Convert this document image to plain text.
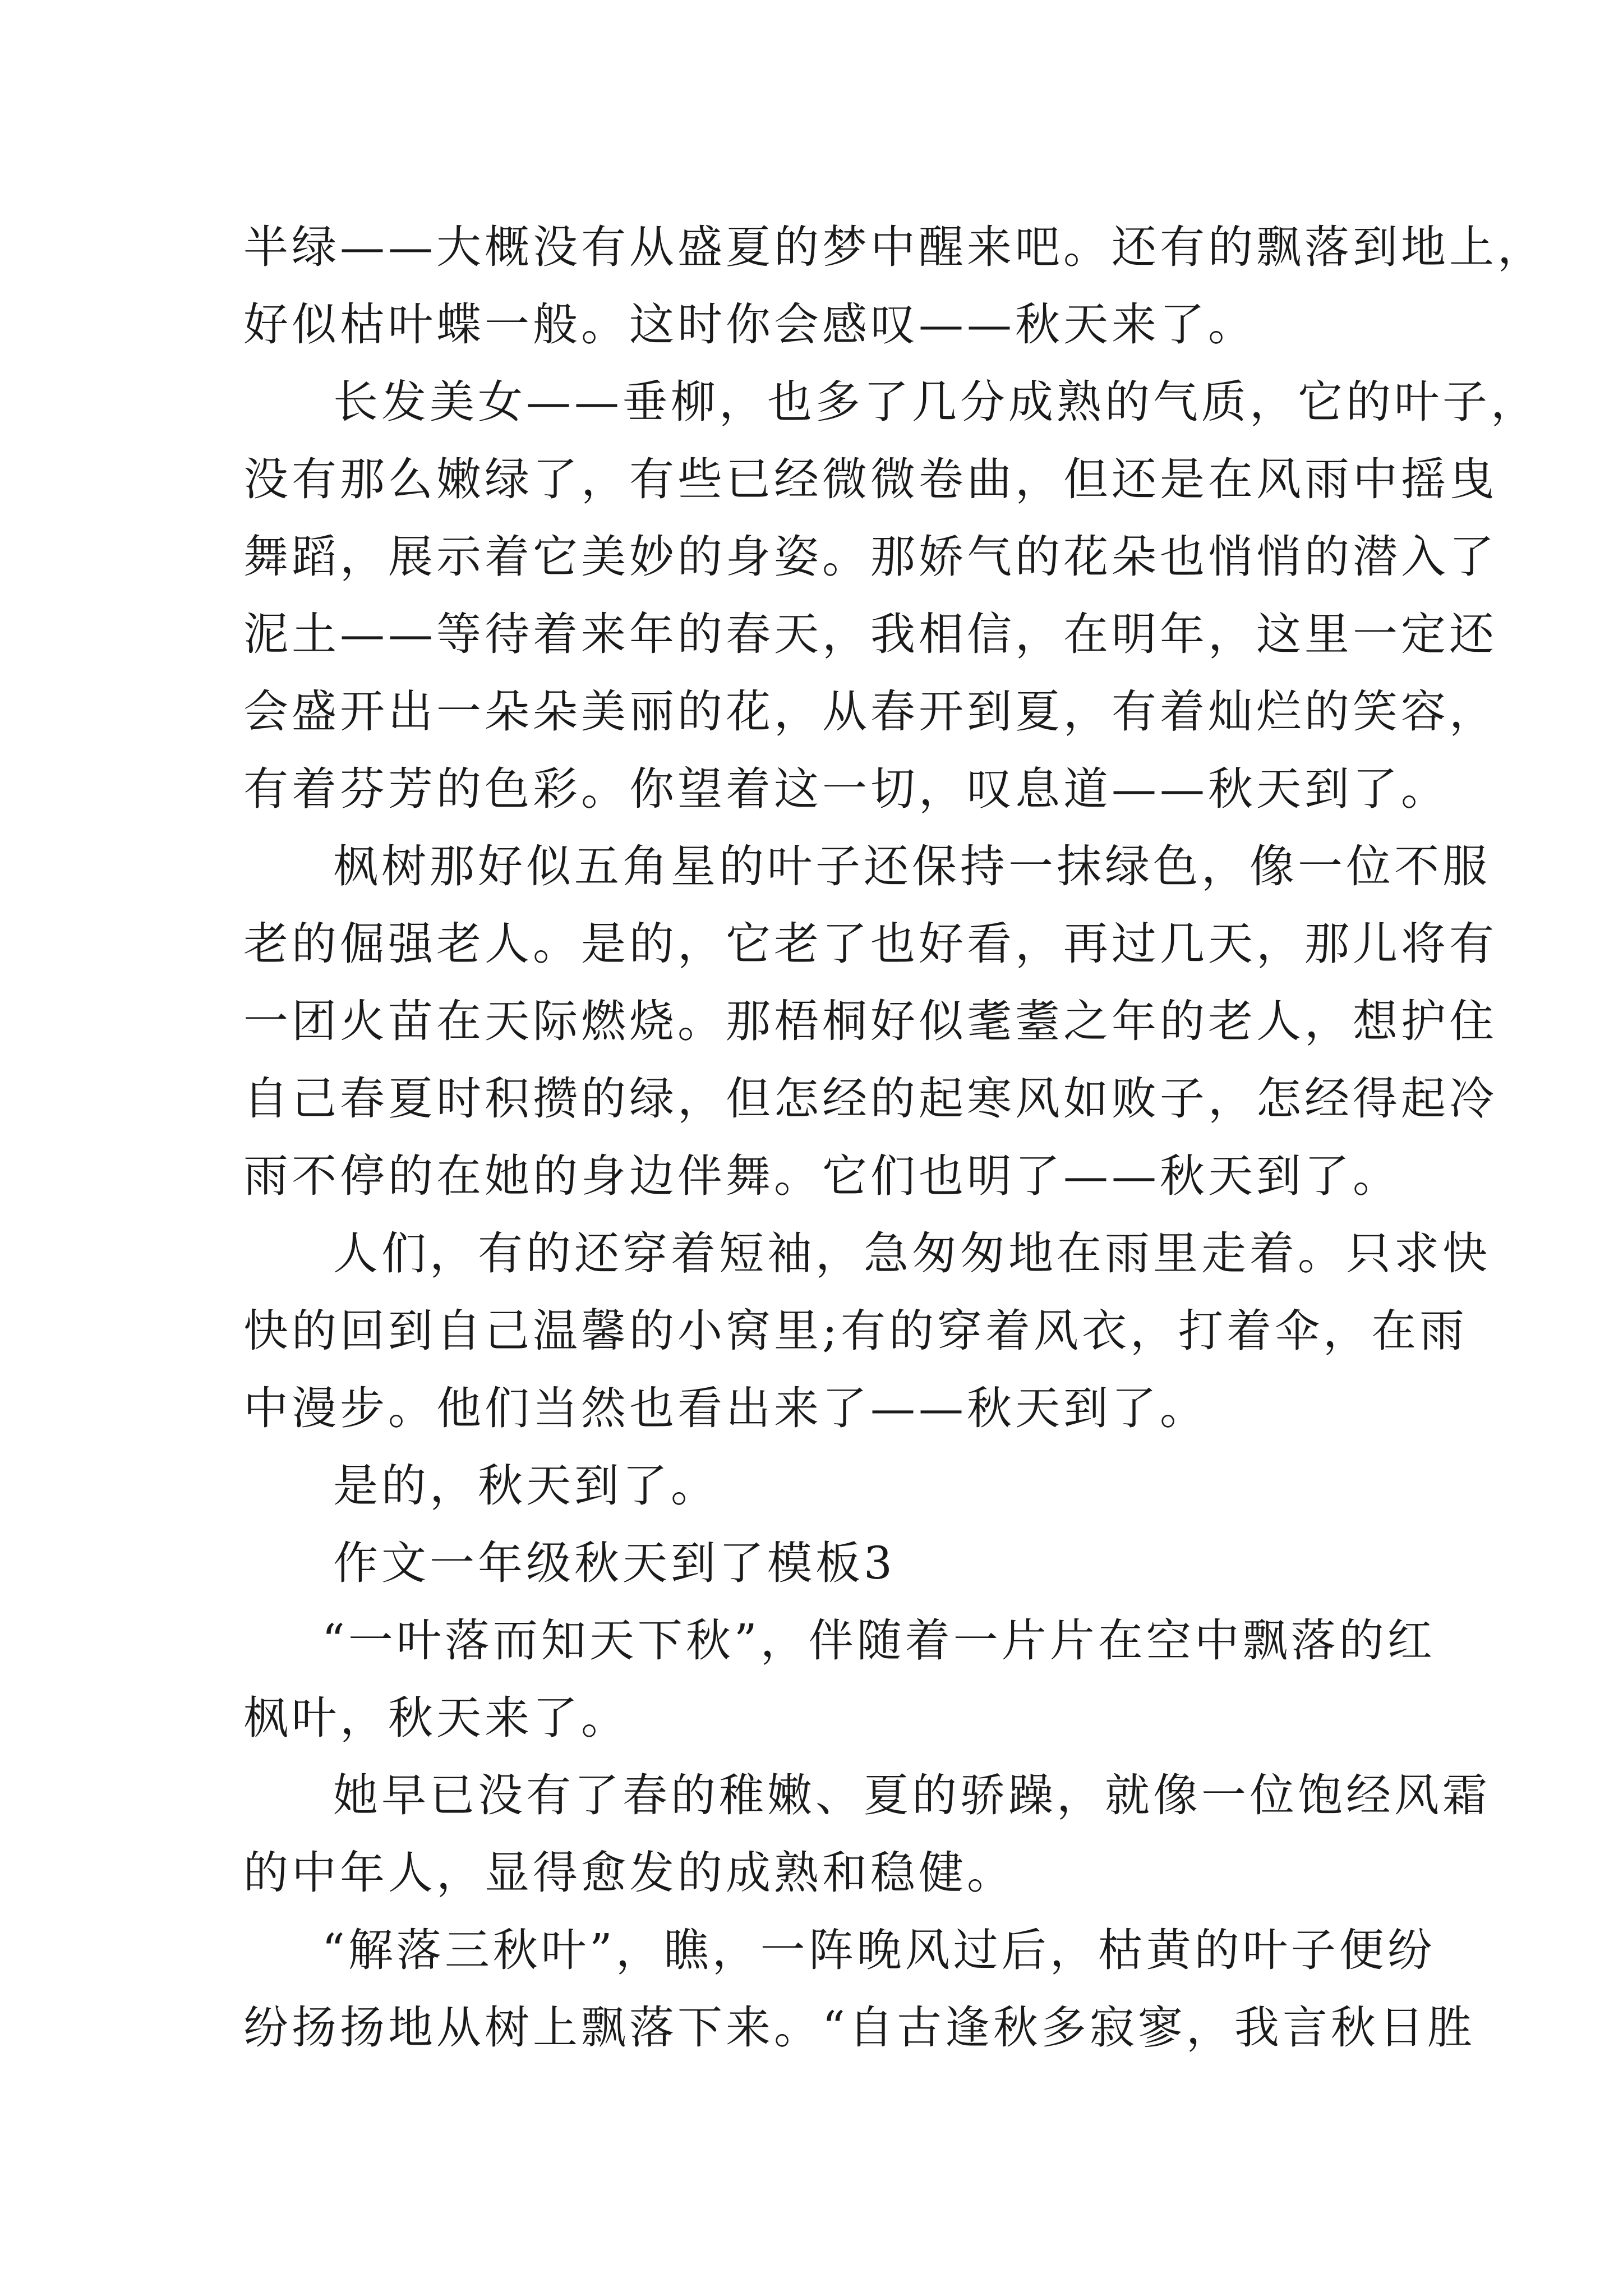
半绿——大概没有从盛夏的梦中醒来吧。还有的飘落到地上，
好似枯叶蝶一般。这时你会感叹——秋天来了。
长发美女——垂柳，也多了几分成熟的气质，它的叶子，
没有那么嫩绿了，有些已经微微卷曲，但还是在风雨中摇曳
舞蹈，展示着它美妙的身姿。那娇气的花朵也悄悄的潜入了
泥土——等待着来年的春天，我相信，在明年，这里一定还
会盛开出一朵朵美丽的花，从春开到夏，有着灿烂的笑容，
有着芬芳的色彩。你望着这一切，叹息道——秋天到了。
枫树那好似五角星的叶子还保持一抹绿色，像一位不服
老的倔强老人。是的，它老了也好看，再过几天，那儿将有
一团火苗在天际燃烧。那梧桐好似耄耋之年的老人，想护住
自己春夏时积攒的绿，但怎经的起寒风如败子，怎经得起冷
雨不停的在她的身边伴舞。它们也明了——秋天到了。
人们，有的还穿着短袖，急匆匆地在雨里走着。只求快
快的回到自己温馨的小窝里;有的穿着风衣，打着伞，在雨
中漫步。他们当然也看出来了——秋天到了。
是的，秋天到了。
作文一年级秋天到了模板3
“一叶落而知天下秋”，伴随着一片片在空中飘落的红
枫叶，秋天来了。
她早已没有了春的稚嫩、夏的骄躁，就像一位饱经风霜
的中年人，显得愈发的成熟和稳健。
“解落三秋叶”，瞧，一阵晚风过后，枯黄的叶子便纷
纷扬扬地从树上飘落下来。“自古逢秋多寂寥，我言秋日胜
